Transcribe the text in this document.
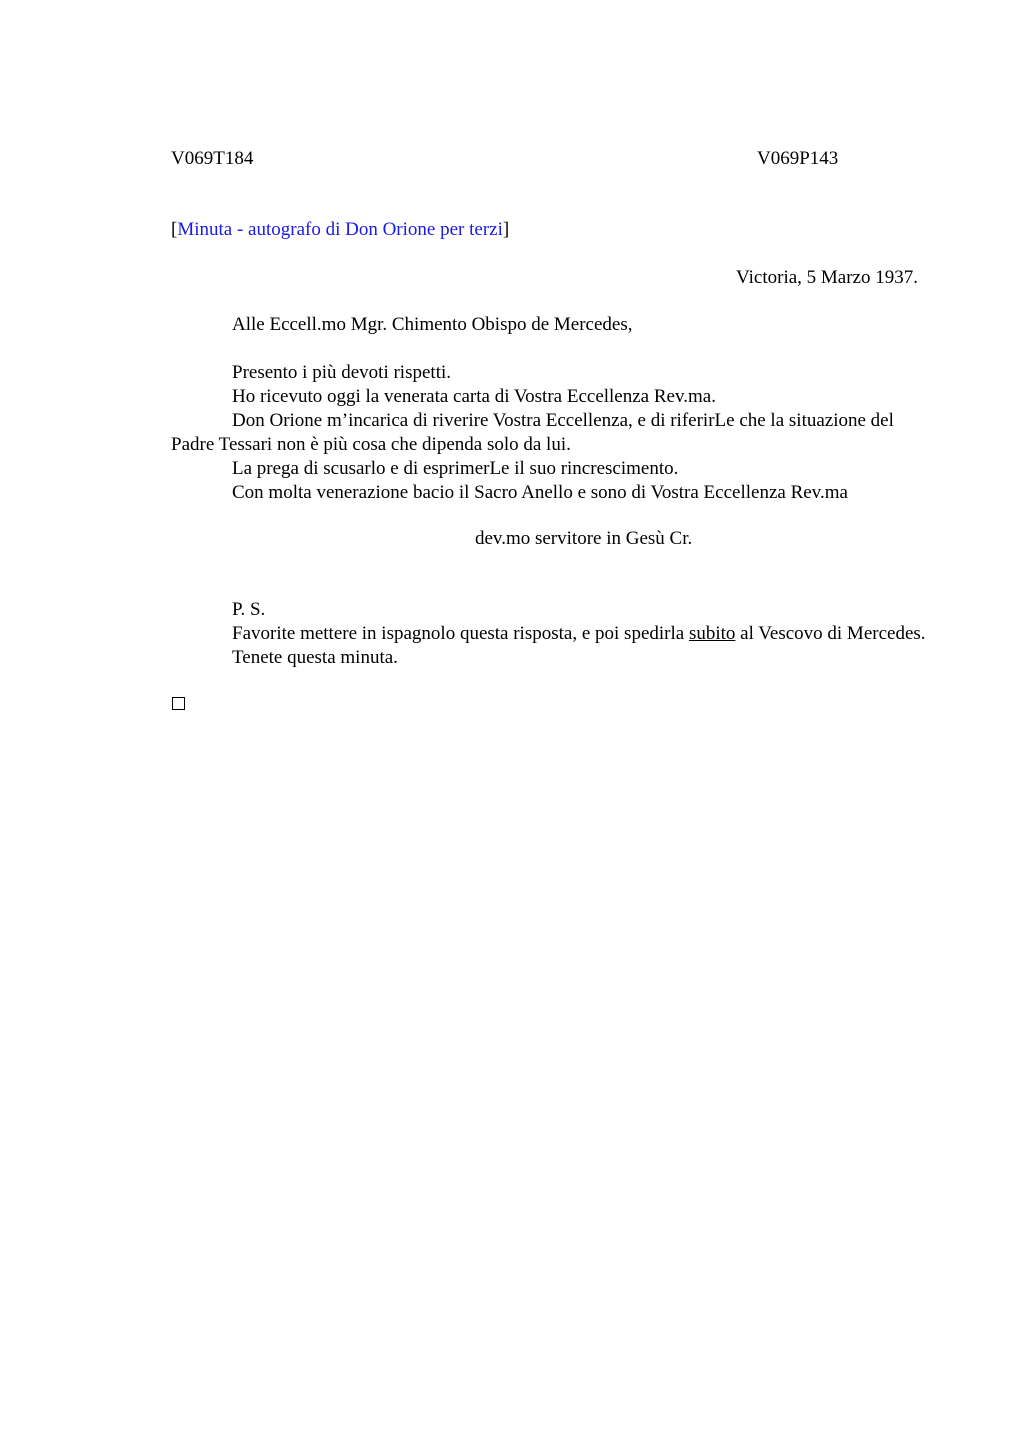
V069T184	V069P143
[Minuta - autografo di Don Orione per terzi]
Victoria, 5 Marzo 1937.
Alle Eccell.mo Mgr. Chimento Obispo de Mercedes,

Presento i più devoti rispetti.

Ho ricevuto oggi la venerata carta di Vostra Eccellenza Rev.ma.

Don Orione m’incarica di riverire Vostra Eccellenza, e di riferirLe che la situazione del Padre Tessari non è più cosa che dipenda solo da lui.

La prega di scusarlo e di esprimerLe il suo rincrescimento.

Con molta venerazione bacio il Sacro Anello e sono di Vostra Eccellenza Rev.ma

dev.mo servitore in Gesù Cr.

P. S.

Favorite mettere in ispagnolo questa risposta, e poi spedirla subito al Vescovo di Mercedes.

Tenete questa minuta.
